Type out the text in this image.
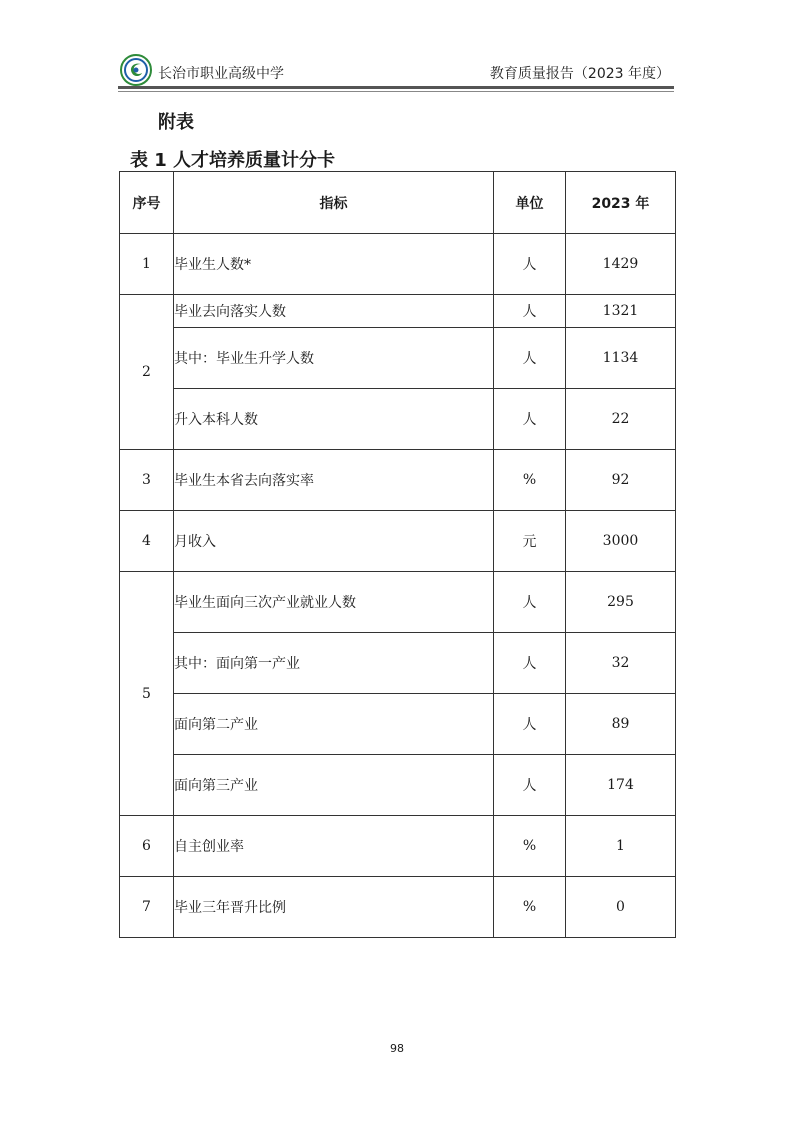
长治市职业高级中学	教育质量报告（2023 年度）
附表
表 1 人才培养质量计分卡
序号	指标	单位	2023 年
1	毕业生人数*	人	1429
2	毕业去向落实人数	人	1321
	其中：毕业生升学人数	人	1134
	升入本科人数	人	22
3	毕业生本省去向落实率	%	92
4	月收入	元	3000
5	毕业生面向三次产业就业人数	人	295
	其中：面向第一产业	人	32
	面向第二产业	人	89
	面向第三产业	人	174
6	自主创业率	%	1
7	毕业三年晋升比例	%	0
98
